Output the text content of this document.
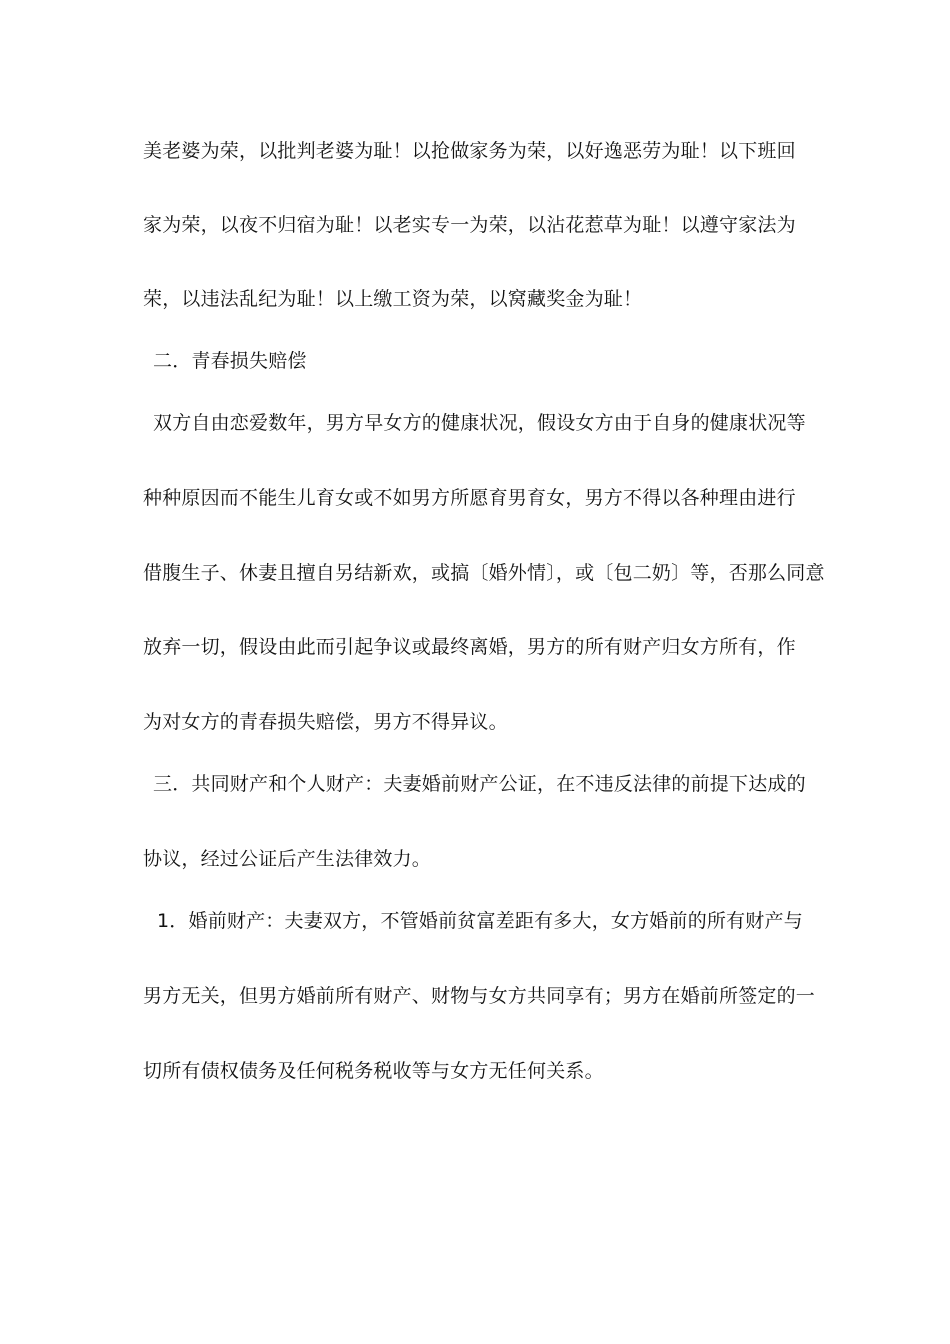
美老婆为荣，以批判老婆为耻！以抢做家务为荣，以好逸恶劳为耻！以下班回
家为荣，以夜不归宿为耻！以老实专一为荣，以沾花惹草为耻！以遵守家法为
荣，以违法乱纪为耻！以上缴工资为荣，以窝藏奖金为耻！
二．青春损失赔偿
双方自由恋爱数年，男方早女方的健康状况，假设女方由于自身的健康状况等
种种原因而不能生儿育女或不如男方所愿育男育女，男方不得以各种理由进行
借腹生子、休妻且擅自另结新欢，或搞〔婚外情〕，或〔包二奶〕等，否那么同意
放弃一切，假设由此而引起争议或最终离婚，男方的所有财产归女方所有，作
为对女方的青春损失赔偿，男方不得异议。
三．共同财产和个人财产：夫妻婚前财产公证，在不违反法律的前提下达成的
协议，经过公证后产生法律效力。
1．婚前财产：夫妻双方，不管婚前贫富差距有多大，女方婚前的所有财产与
男方无关，但男方婚前所有财产、财物与女方共同享有；男方在婚前所签定的一
切所有债权债务及任何税务税收等与女方无任何关系。
